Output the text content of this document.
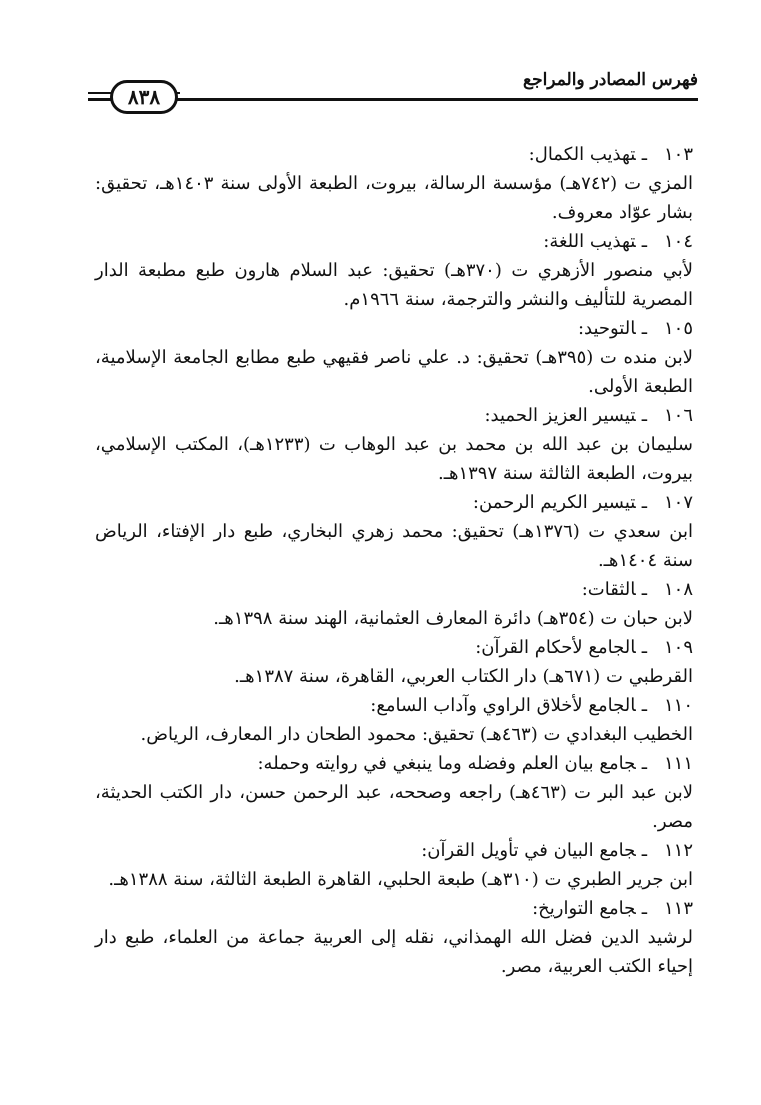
فهرس المصادر والمراجع
٨٣٨
١٠٣ـتهذيب الكمال:
المزي ت (٧٤٢هـ) مؤسسة الرسالة، بيروت، الطبعة الأولى سنة ١٤٠٣هـ، تحقيق: بشار عوّاد معروف.
١٠٤ـتهذيب اللغة:
لأبي منصور الأزهري ت (٣٧٠هـ) تحقيق: عبد السلام هارون طبع مطبعة الدار المصرية للتأليف والنشر والترجمة، سنة ١٩٦٦م.
١٠٥ـالتوحيد:
لابن منده ت (٣٩٥هـ) تحقيق: د. علي ناصر فقيهي طبع مطابع الجامعة الإسلامية، الطبعة الأولى.
١٠٦ـتيسير العزيز الحميد:
سليمان بن عبد الله بن محمد بن عبد الوهاب ت (١٢٣٣هـ)، المكتب الإسلامي، بيروت، الطبعة الثالثة سنة ١٣٩٧هـ.
١٠٧ـتيسير الكريم الرحمن:
ابن سعدي ت (١٣٧٦هـ) تحقيق: محمد زهري البخاري، طبع دار الإفتاء، الرياض سنة ١٤٠٤هـ.
١٠٨ـالثقات:
لابن حبان ت (٣٥٤هـ) دائرة المعارف العثمانية، الهند سنة ١٣٩٨هـ.
١٠٩ـالجامع لأحكام القرآن:
القرطبي ت (٦٧١هـ) دار الكتاب العربي، القاهرة، سنة ١٣٨٧هـ.
١١٠ـالجامع لأخلاق الراوي وآداب السامع:
الخطيب البغدادي ت (٤٦٣هـ) تحقيق: محمود الطحان دار المعارف، الرياض.
١١١ـجامع بيان العلم وفضله وما ينبغي في روايته وحمله:
لابن عبد البر ت (٤٦٣هـ) راجعه وصححه، عبد الرحمن حسن، دار الكتب الحديثة، مصر.
١١٢ـجامع البيان في تأويل القرآن:
ابن جرير الطبري ت (٣١٠هـ) طبعة الحلبي، القاهرة الطبعة الثالثة، سنة ١٣٨٨هـ.
١١٣ـجامع التواريخ:
لرشيد الدين فضل الله الهمذاني، نقله إلى العربية جماعة من العلماء، طبع دار إحياء الكتب العربية، مصر.
